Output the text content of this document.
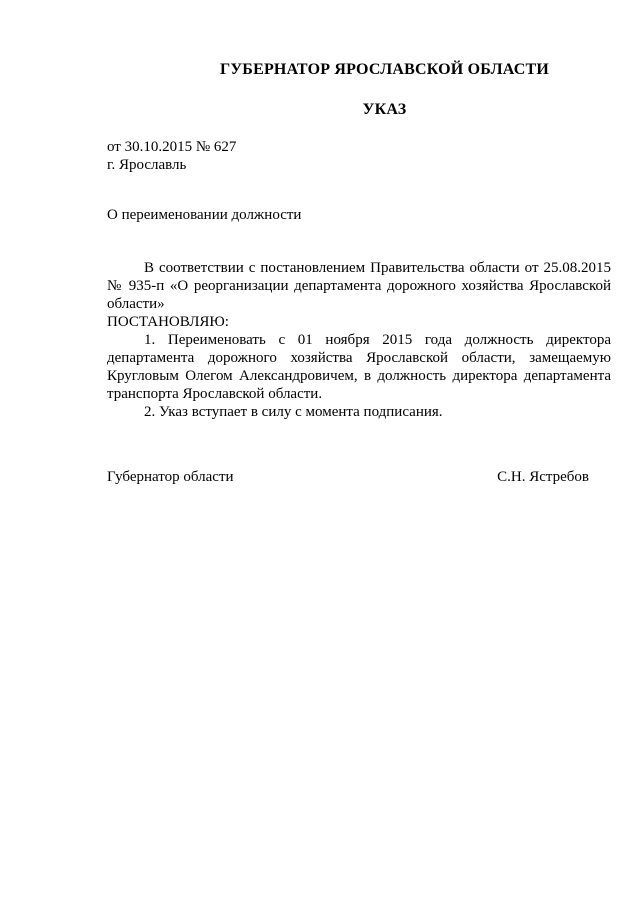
ГУБЕРНАТОР ЯРОСЛАВСКОЙ ОБЛАСТИ
УКАЗ

от 30.10.2015 № 627

г. Ярославль

О переименовании должности

В соответствии с постановлением Правительства области от 25.08.2015 № 935-п «О реорганизации департамента дорожного хозяйства Ярославской области»

ПОСТАНОВЛЯЮ:

1. Переименовать с 01 ноября 2015 года должность директора департамента дорожного хозяйства Ярославской области, замещаемую Кругловым Олегом Александровичем, в должность директора департамента транспорта Ярославской области.

2. Указ вступает в силу с момента подписания.

Губернатор области	С.Н. Ястребов
